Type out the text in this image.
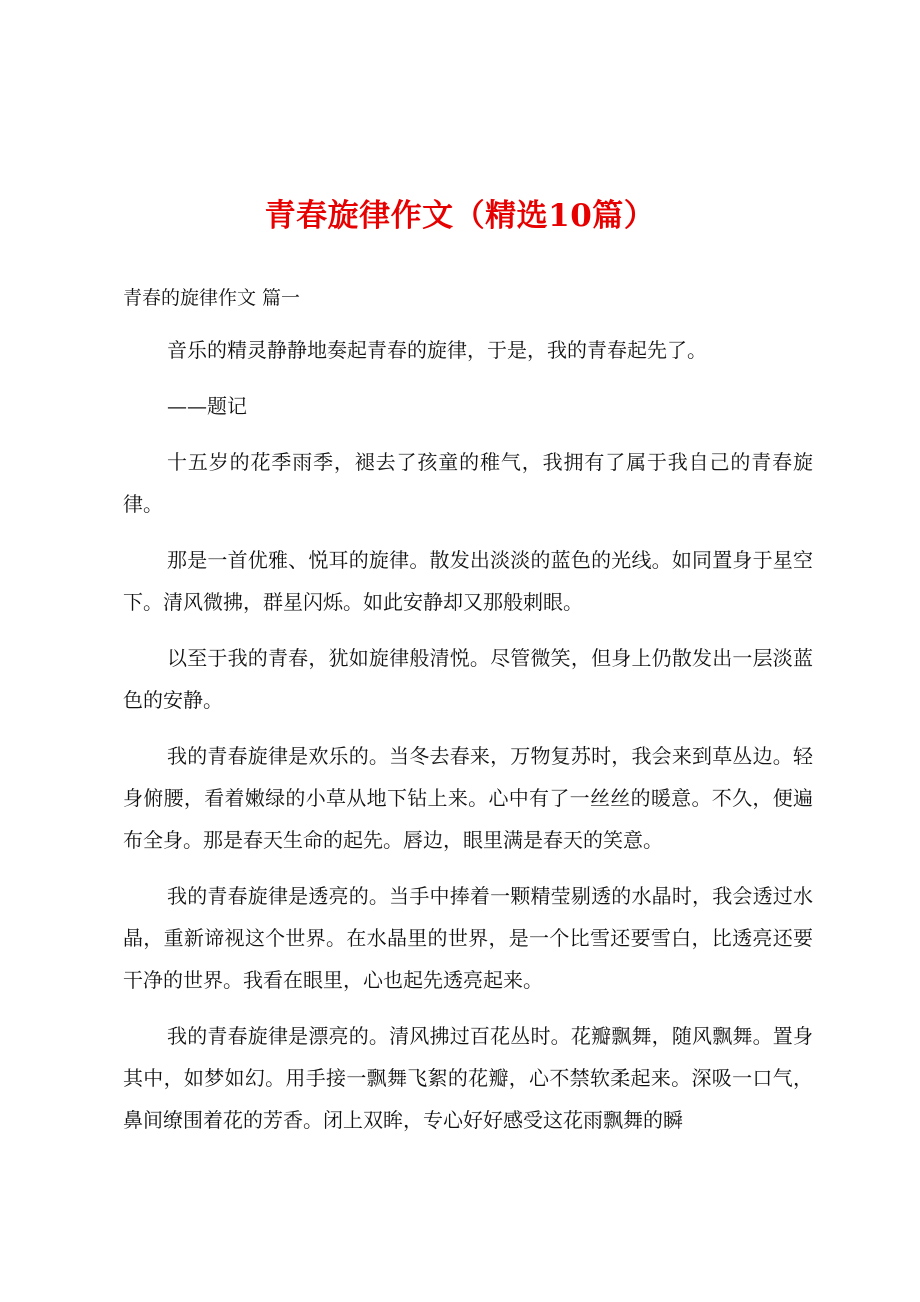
青春旋律作文（精选10篇）
青春的旋律作文 篇一

音乐的精灵静静地奏起青春的旋律，于是，我的青春起先了。

——题记

十五岁的花季雨季，褪去了孩童的稚气，我拥有了属于我自己的青春旋律。

那是一首优雅、悦耳的旋律。散发出淡淡的蓝色的光线。如同置身于星空下。清风微拂，群星闪烁。如此安静却又那般刺眼。

以至于我的青春，犹如旋律般清悦。尽管微笑，但身上仍散发出一层淡蓝色的安静。

我的青春旋律是欢乐的。当冬去春来，万物复苏时，我会来到草丛边。轻身俯腰，看着嫩绿的小草从地下钻上来。心中有了一丝丝的暖意。不久，便遍布全身。那是春天生命的起先。唇边，眼里满是春天的笑意。

我的青春旋律是透亮的。当手中捧着一颗精莹剔透的水晶时，我会透过水晶，重新谛视这个世界。在水晶里的世界，是一个比雪还要雪白，比透亮还要干净的世界。我看在眼里，心也起先透亮起来。

我的青春旋律是漂亮的。清风拂过百花丛时。花瓣飘舞，随风飘舞。置身其中，如梦如幻。用手接一飘舞飞絮的花瓣，心不禁软柔起来。深吸一口气，鼻间缭围着花的芳香。闭上双眸，专心好好感受这花雨飘舞的瞬
